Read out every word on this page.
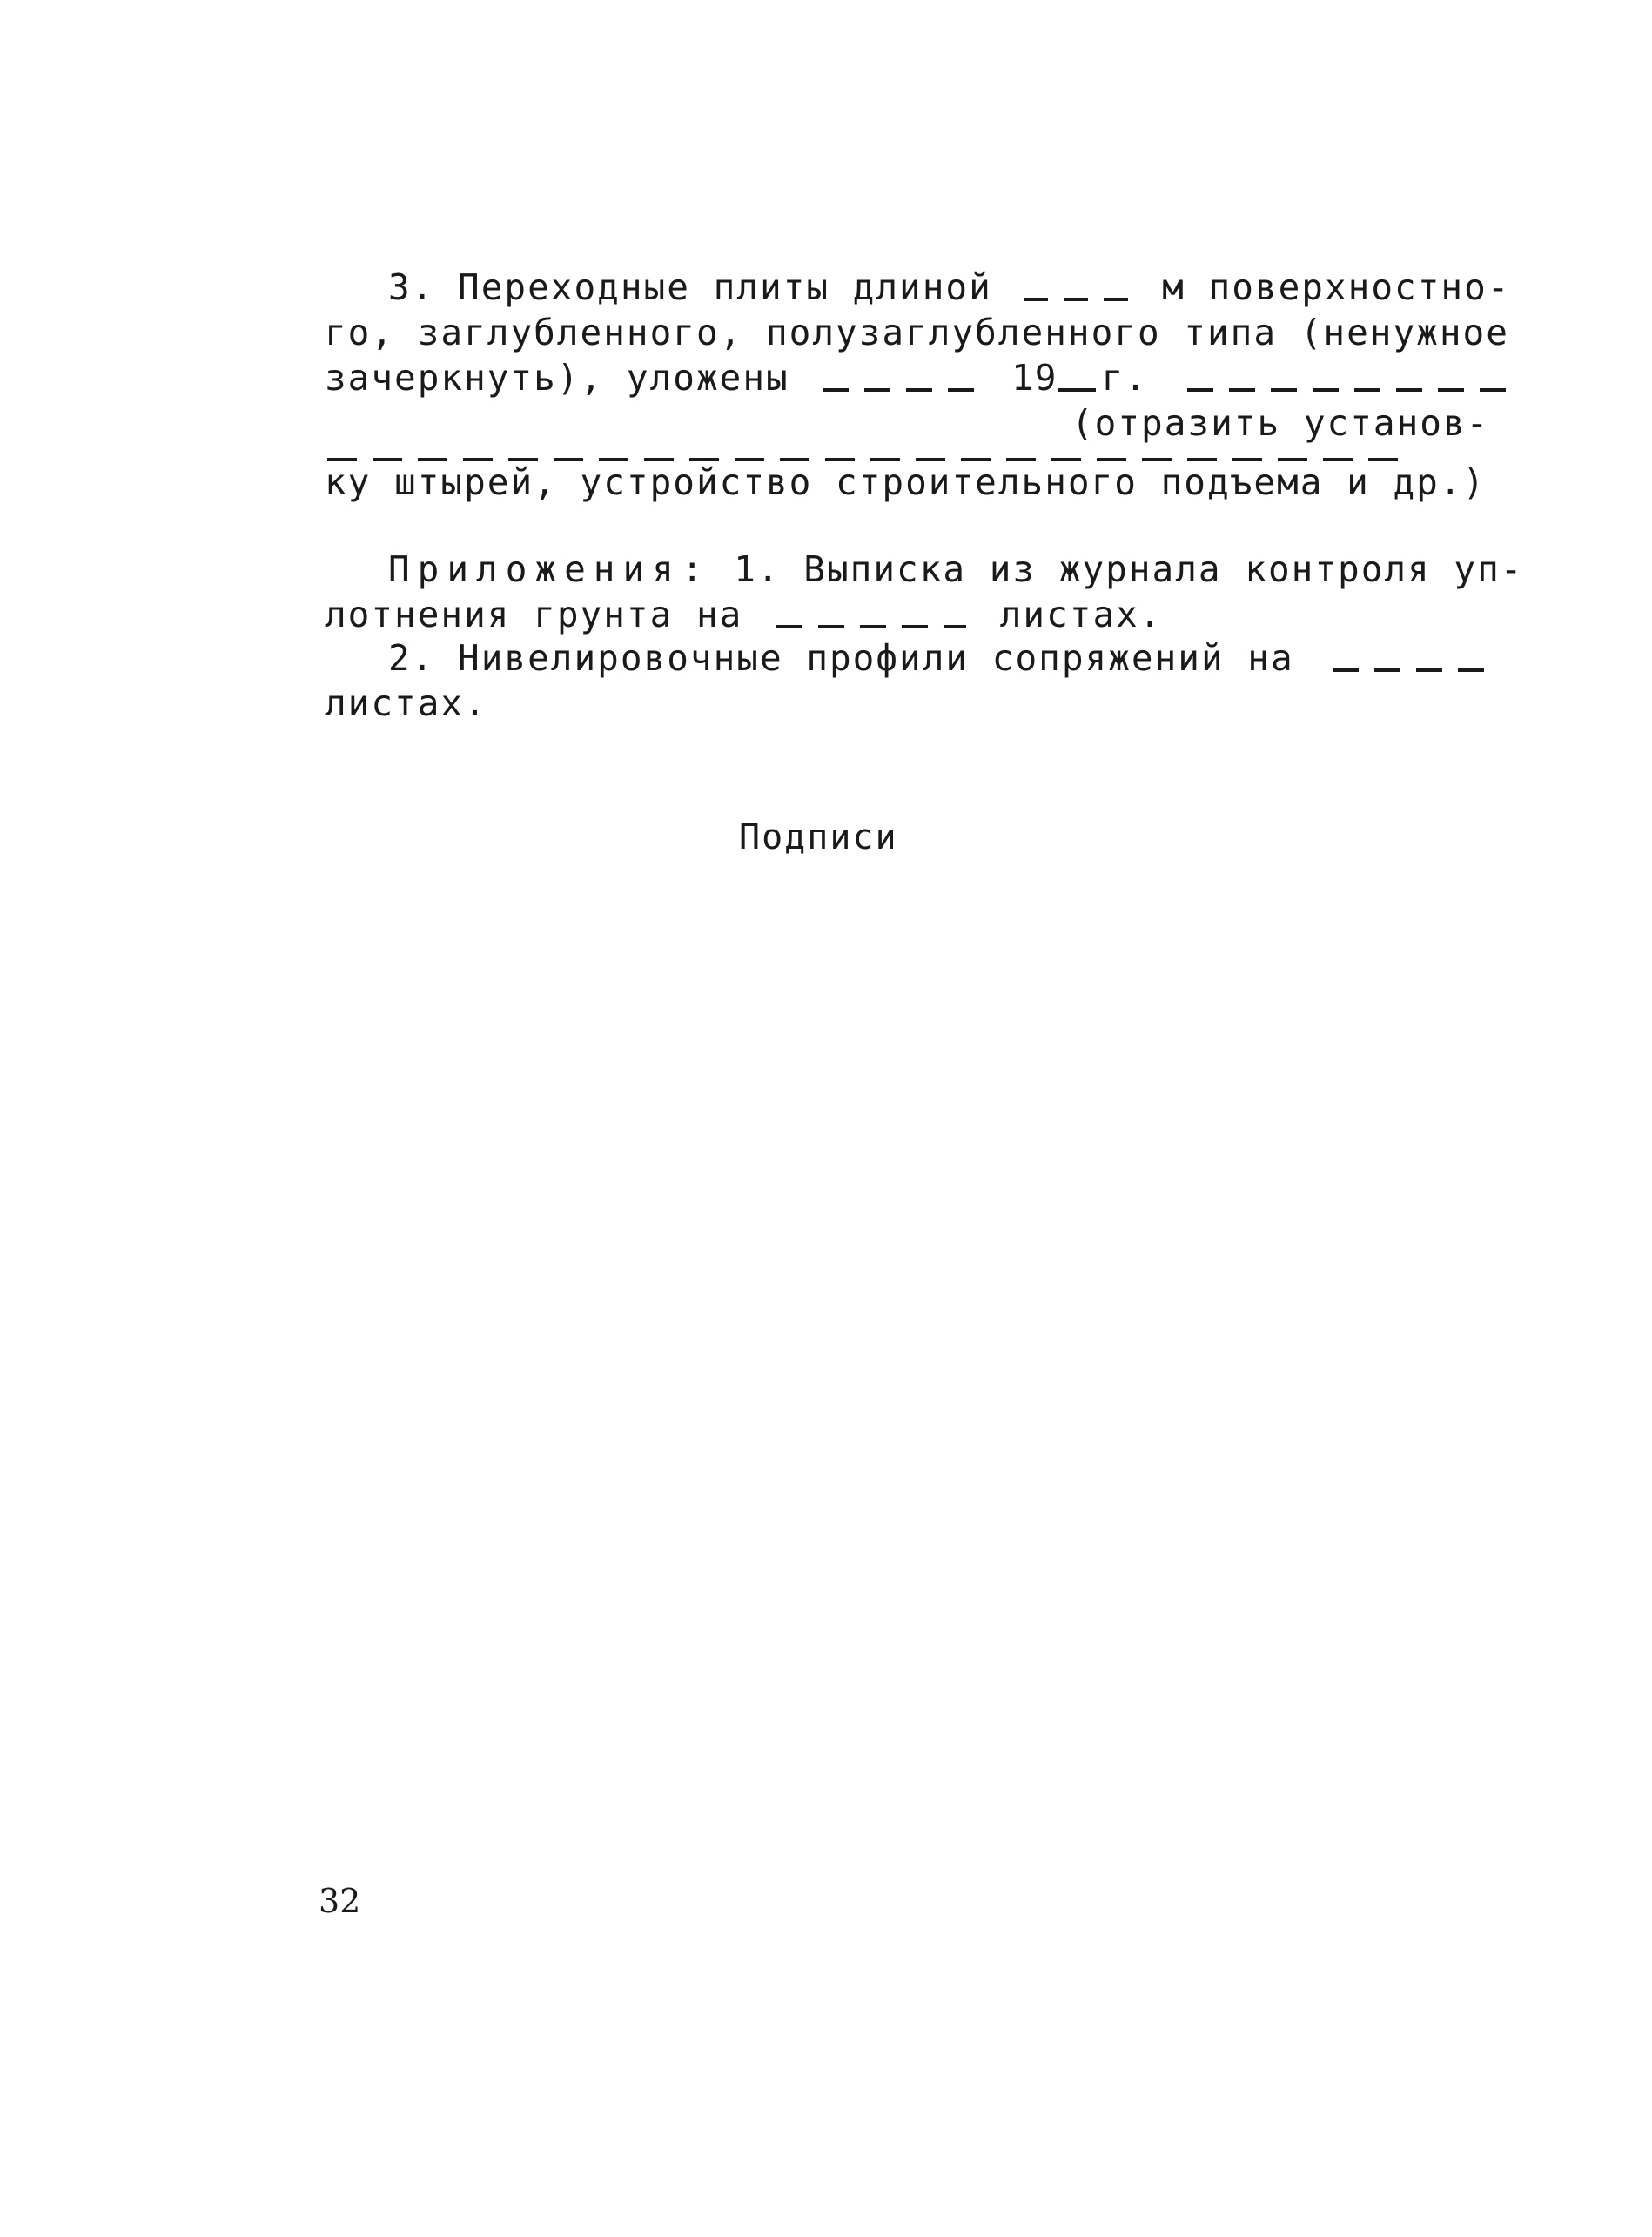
3. Переходные плиты длиной	м поверхностно-
го, заглубленного, полузаглубленного типа (ненужное
зачеркнуть), уложены	19 г.
(отразить установ-
ку штырей, устройство строительного подъема и др.)
Приложения: 1. Выписка из журнала контроля уп-
лотнения грунта на	листах.
2. Нивелировочные профили сопряжений на
листах.
Подписи
32
